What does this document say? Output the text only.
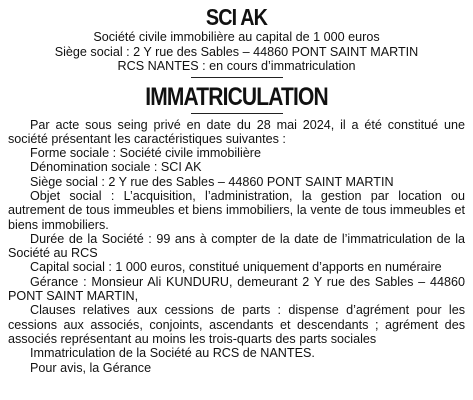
SCI AK
Société civile immobilière au capital de 1 000 euros
Siège social : 2 Y rue des Sables – 44860 PONT SAINT MARTIN
RCS NANTES : en cours d’immatriculation
IMMATRICULATION

Par acte sous seing privé en date du 28 mai 2024, il a été constitué une société présentant les caractéristiques suivantes :

Forme sociale : Société civile immobilière

Dénomination sociale : SCI AK

Siège social : 2 Y rue des Sables – 44860 PONT SAINT MARTIN

Objet social : L’acquisition, l’administration, la gestion par location ou autrement de tous immeubles et biens immobiliers, la vente de tous immeubles et biens immobiliers.

Durée de la Société : 99 ans à compter de la date de l’immatriculation de la Société au RCS

Capital social : 1 000 euros, constitué uniquement d’apports en numéraire

Gérance : Monsieur Ali KUNDURU, demeurant 2 Y rue des Sables – 44860 PONT SAINT MARTIN,

Clauses relatives aux cessions de parts : dispense d’agrément pour les cessions aux associés, conjoints, ascendants et descendants ; agrément des associés représentant au moins les trois-quarts des parts sociales

Immatriculation de la Société au RCS de NANTES.

Pour avis, la Gérance
